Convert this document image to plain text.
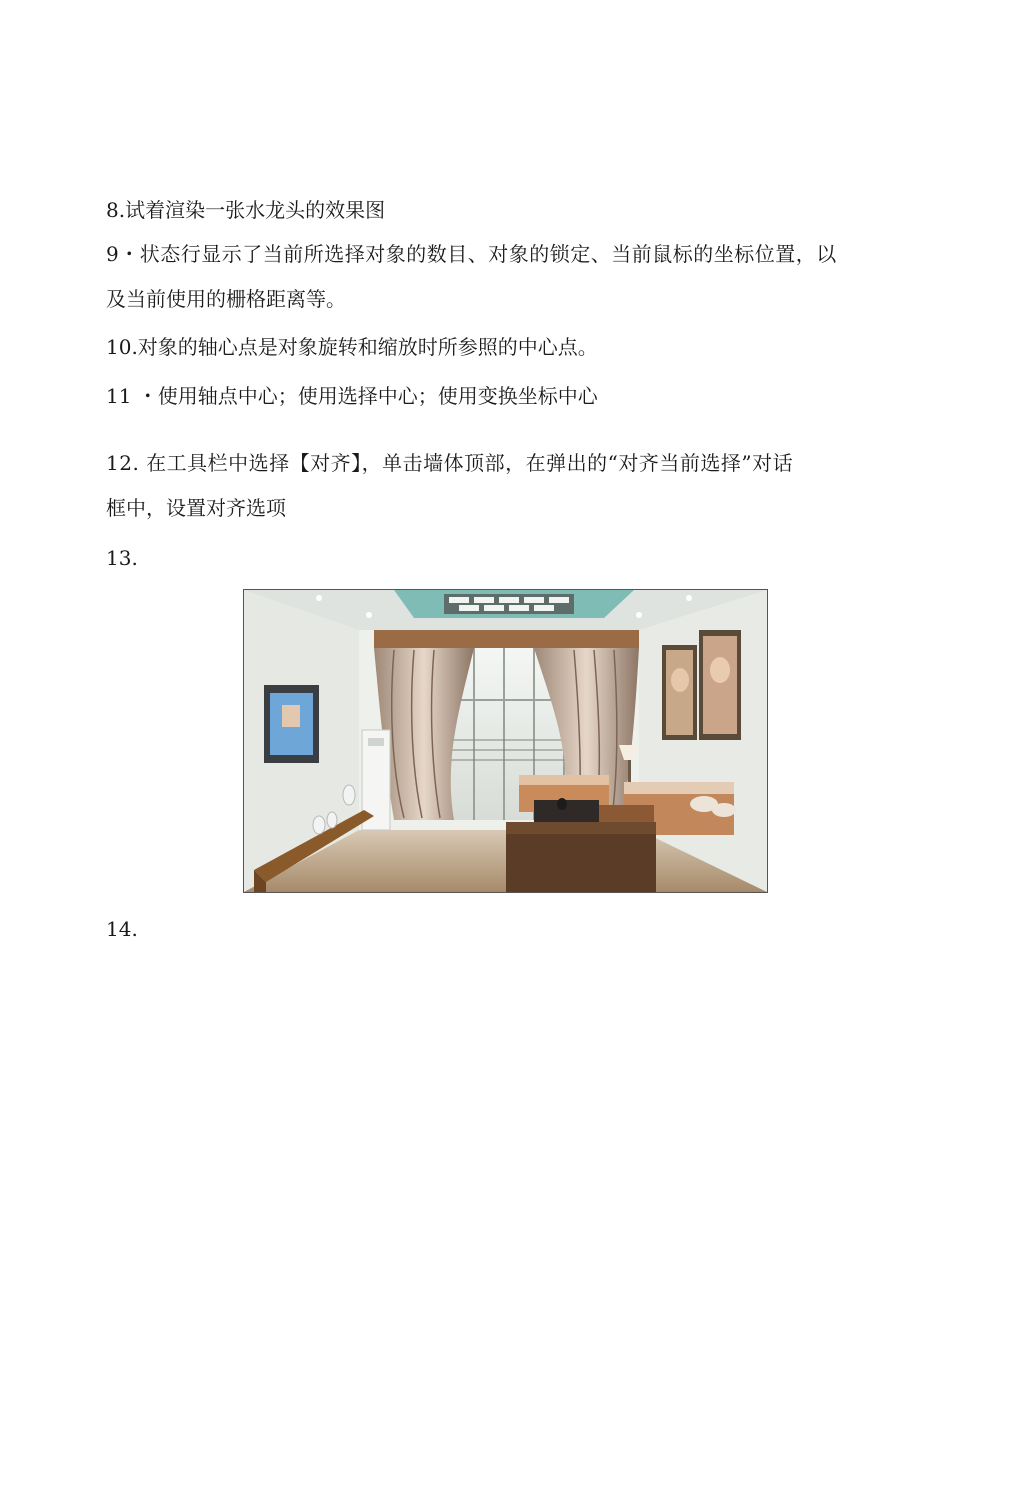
8.试着渲染一张水龙头的效果图
9・状态行显示了当前所选择对象的数目、对象的锁定、当前鼠标的坐标位置，以
及当前使用的栅格距离等。
10.对象的轴心点是对象旋转和缩放时所参照的中心点。
11 ・使用轴点中心；使用选择中心；使用变换坐标中心
12. 在工具栏中选择【对齐】，单击墙体顶部，在弹出的“对齐当前选择”对话
框中，设置对齐选项
13.
14.
